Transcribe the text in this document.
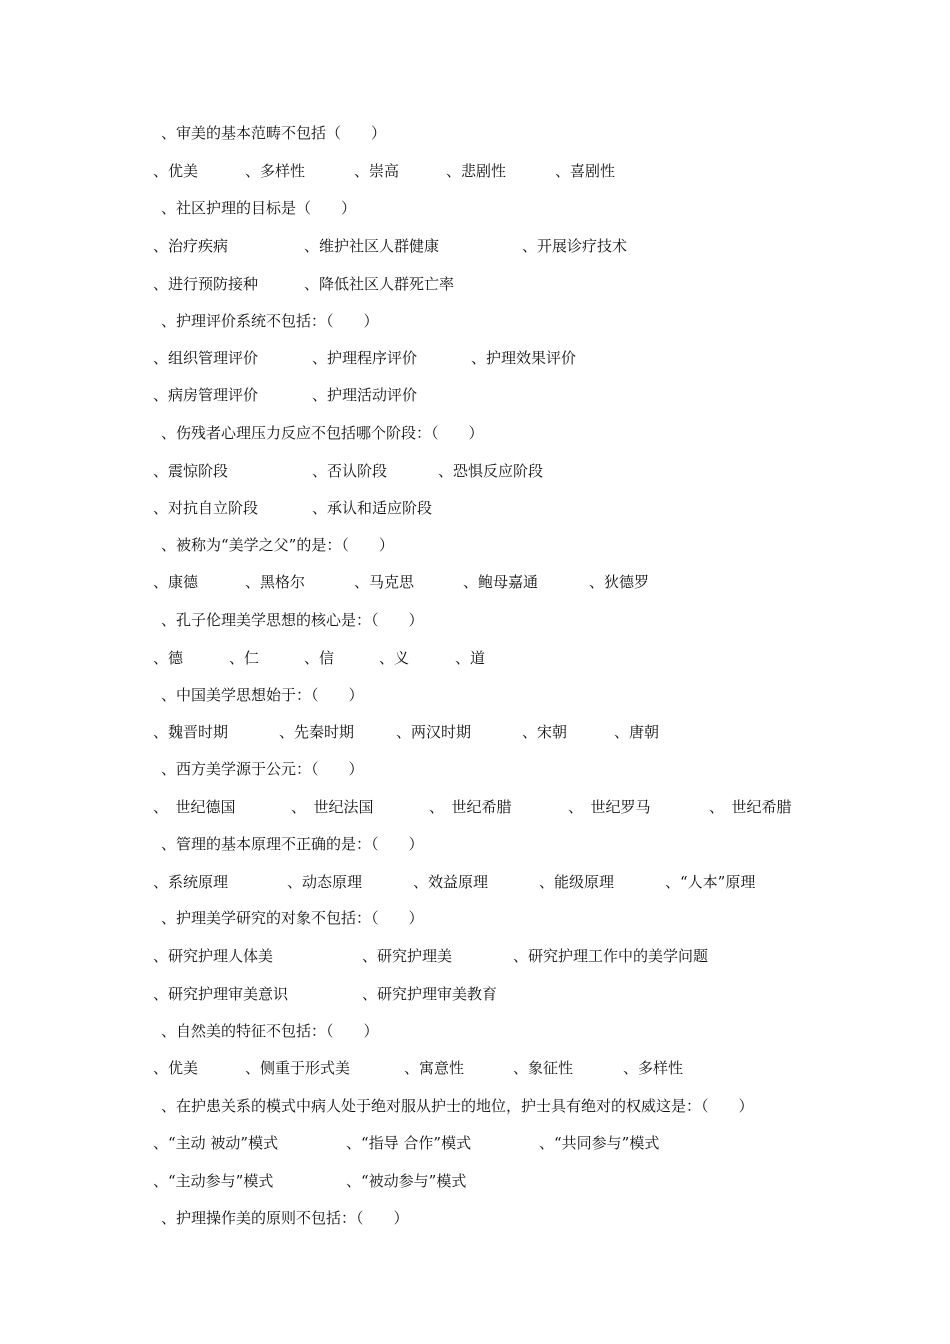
、审美的基本范畴不包括（　　）
、优美	、多样性	、崇高	、悲剧性	、喜剧性
、社区护理的目标是（　　）
、治疗疾病	、维护社区人群健康	、开展诊疗技术
、进行预防接种	、降低社区人群死亡率
、护理评价系统不包括：（　　）
、组织管理评价	、护理程序评价	、护理效果评价
、病房管理评价	、护理活动评价
、伤残者心理压力反应不包括哪个阶段：（　　）
、震惊阶段	、否认阶段	、恐惧反应阶段
、对抗自立阶段	、承认和适应阶段
、被称为“美学之父”的是：（　　）
、康德	、黑格尔	、马克思	、鲍母嘉通	、狄德罗
、孔子伦理美学思想的核心是：（　　）
、德	、仁	、信	、义	、道
、中国美学思想始于：（　　）
、魏晋时期	、先秦时期	、两汉时期	、宋朝	、唐朝
、西方美学源于公元：（　　）
、　世纪德国	、　世纪法国	、　世纪希腊	、　世纪罗马	、　世纪希腊
、管理的基本原理不正确的是：（　　）
、系统原理	、动态原理	、效益原理	、能级原理	、“人本”原理
、护理美学研究的对象不包括：（　　）
、研究护理人体美	、研究护理美	、研究护理工作中的美学问题
、研究护理审美意识	、研究护理审美教育
、自然美的特征不包括：（　　）
、优美	、侧重于形式美	、寓意性	、象征性	、多样性
、在护患关系的模式中病人处于绝对服从护士的地位，护士具有绝对的权威这是：（　　）
、“主动 被动”模式	、“指导 合作”模式	、“共同参与”模式
、“主动参与”模式	、“被动参与”模式
、护理操作美的原则不包括：（　　）
